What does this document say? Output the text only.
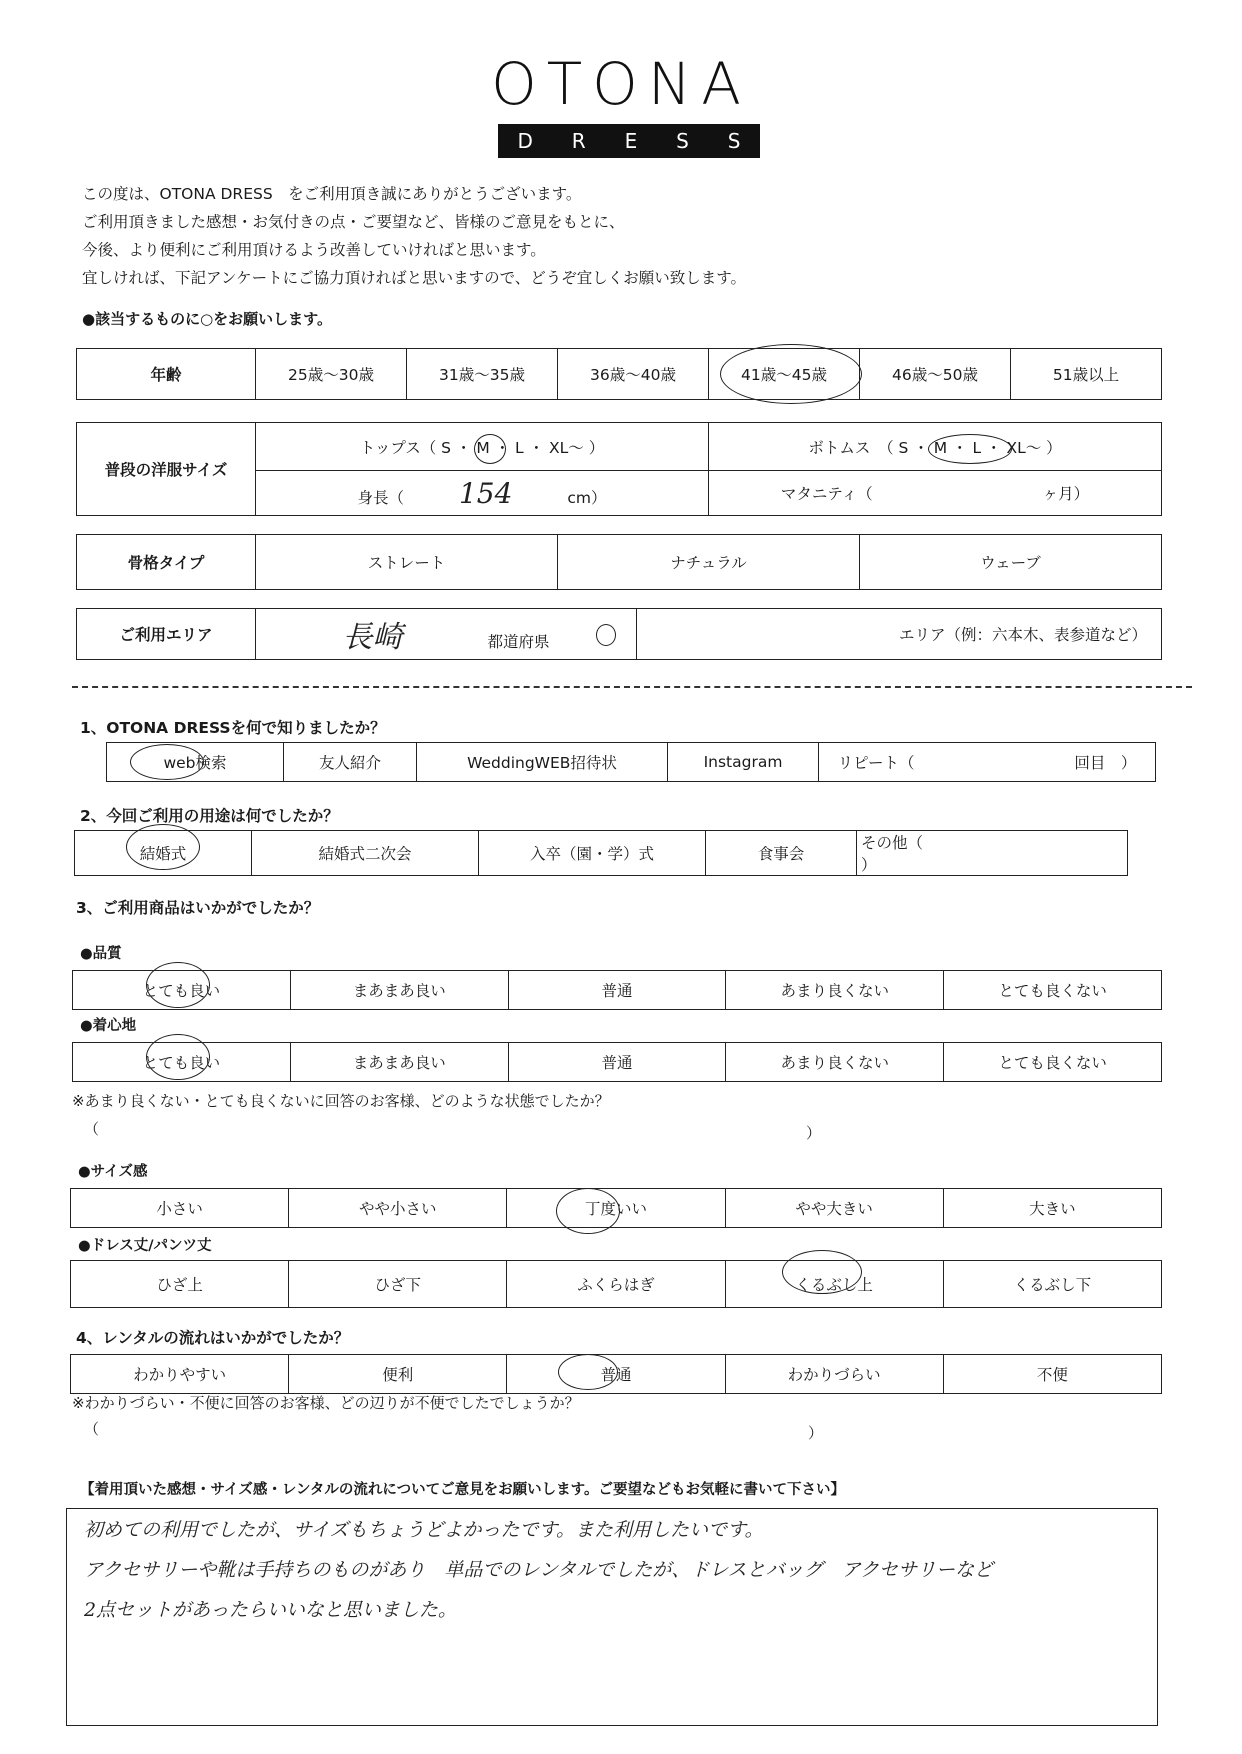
OTONA
D R E S S
この度は、OTONA DRESS　をご利用頂き誠にありがとうございます。
ご利用頂きました感想・お気付きの点・ご要望など、皆様のご意見をもとに、
今後、より便利にご利用頂けるよう改善していければと思います。
宜しければ、下記アンケートにご協力頂ければと思いますので、どうぞ宜しくお願い致します。
●該当するものに○をお願いします。
年齢	25歳～30歳	31歳～35歳	36歳～40歳	41歳～45歳	46歳～50歳	51歳以上
普段の洋服サイズ	トップス（ S ・ M ・ L ・ XL～ ）	ボトムス　（ S ・ M ・ L ・ XL～ ）
	身長（ 154 cm）	マタニティ（ ヶ月）
骨格タイプ	ストレート	ナチュラル	ウェーブ
ご利用エリア	長崎	都道府県	エリア（例：六本木、表参道など）
1、OTONA DRESSを何で知りましたか？
web検索	友人紹介	WeddingWEB招待状	Instagram	リピート（	回目　）
2、今回ご利用の用途は何でしたか？
結婚式	結婚式二次会	入卒（園・学）式	食事会	その他（  ）
3、ご利用商品はいかがでしたか？
●品質
とても良い	まあまあ良い	普通	あまり良くない	とても良くない
●着心地
とても良い	まあまあ良い	普通	あまり良くない	とても良くない
※あまり良くない・とても良くないに回答のお客様、どのような状態でしたか？
（	）
●サイズ感
小さい	やや小さい	丁度いい	やや大きい	大きい
●ドレス丈/パンツ丈
ひざ上	ひざ下	ふくらはぎ	くるぶし上	くるぶし下
4、レンタルの流れはいかがでしたか？
わかりやすい	便利	普通	わかりづらい	不便
※わかりづらい・不便に回答のお客様、どの辺りが不便でしたでしょうか？
（	）
【着用頂いた感想・サイズ感・レンタルの流れについてご意見をお願いします。ご要望などもお気軽に書いて下さい】
初めての利用でしたが、サイズもちょうどよかったです。また利用したいです。
アクセサリーや靴は手持ちのものがあり　単品でのレンタルでしたが、ドレスとバッグ　アクセサリーなど
2点セットがあったらいいなと思いました。
